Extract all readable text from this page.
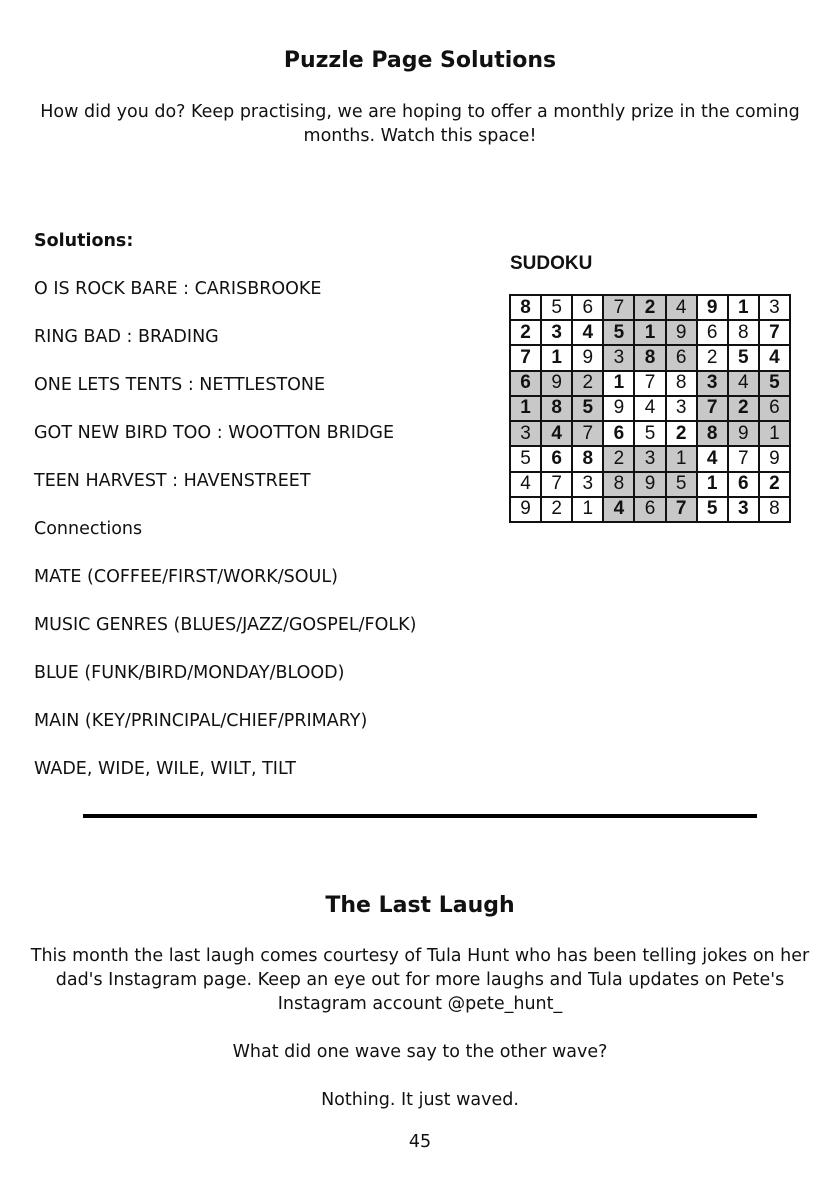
Puzzle Page Solutions
How did you do? Keep practising, we are hoping to offer a monthly prize in the coming months. Watch this space!
Solutions:
O IS ROCK BARE : CARISBROOKE
RING BAD : BRADING
ONE LETS TENTS : NETTLESTONE
GOT NEW BIRD TOO : WOOTTON BRIDGE
TEEN HARVEST : HAVENSTREET
Connections
MATE (COFFEE/FIRST/WORK/SOUL)
MUSIC GENRES (BLUES/JAZZ/GOSPEL/FOLK)
BLUE (FUNK/BIRD/MONDAY/BLOOD)
MAIN (KEY/PRINCIPAL/CHIEF/PRIMARY)
WADE, WIDE, WILE, WILT, TILT
SUDOKU
8	5	6	7	2	4	9	1	3
2	3	4	5	1	9	6	8	7
7	1	9	3	8	6	2	5	4
6	9	2	1	7	8	3	4	5
1	8	5	9	4	3	7	2	6
3	4	7	6	5	2	8	9	1
5	6	8	2	3	1	4	7	9
4	7	3	8	9	5	1	6	2
9	2	1	4	6	7	5	3	8
The Last Laugh
This month the last laugh comes courtesy of Tula Hunt who has been telling jokes on her dad's Instagram page. Keep an eye out for more laughs and Tula updates on Pete's Instagram account @pete_hunt_
What did one wave say to the other wave?
Nothing. It just waved.
45
